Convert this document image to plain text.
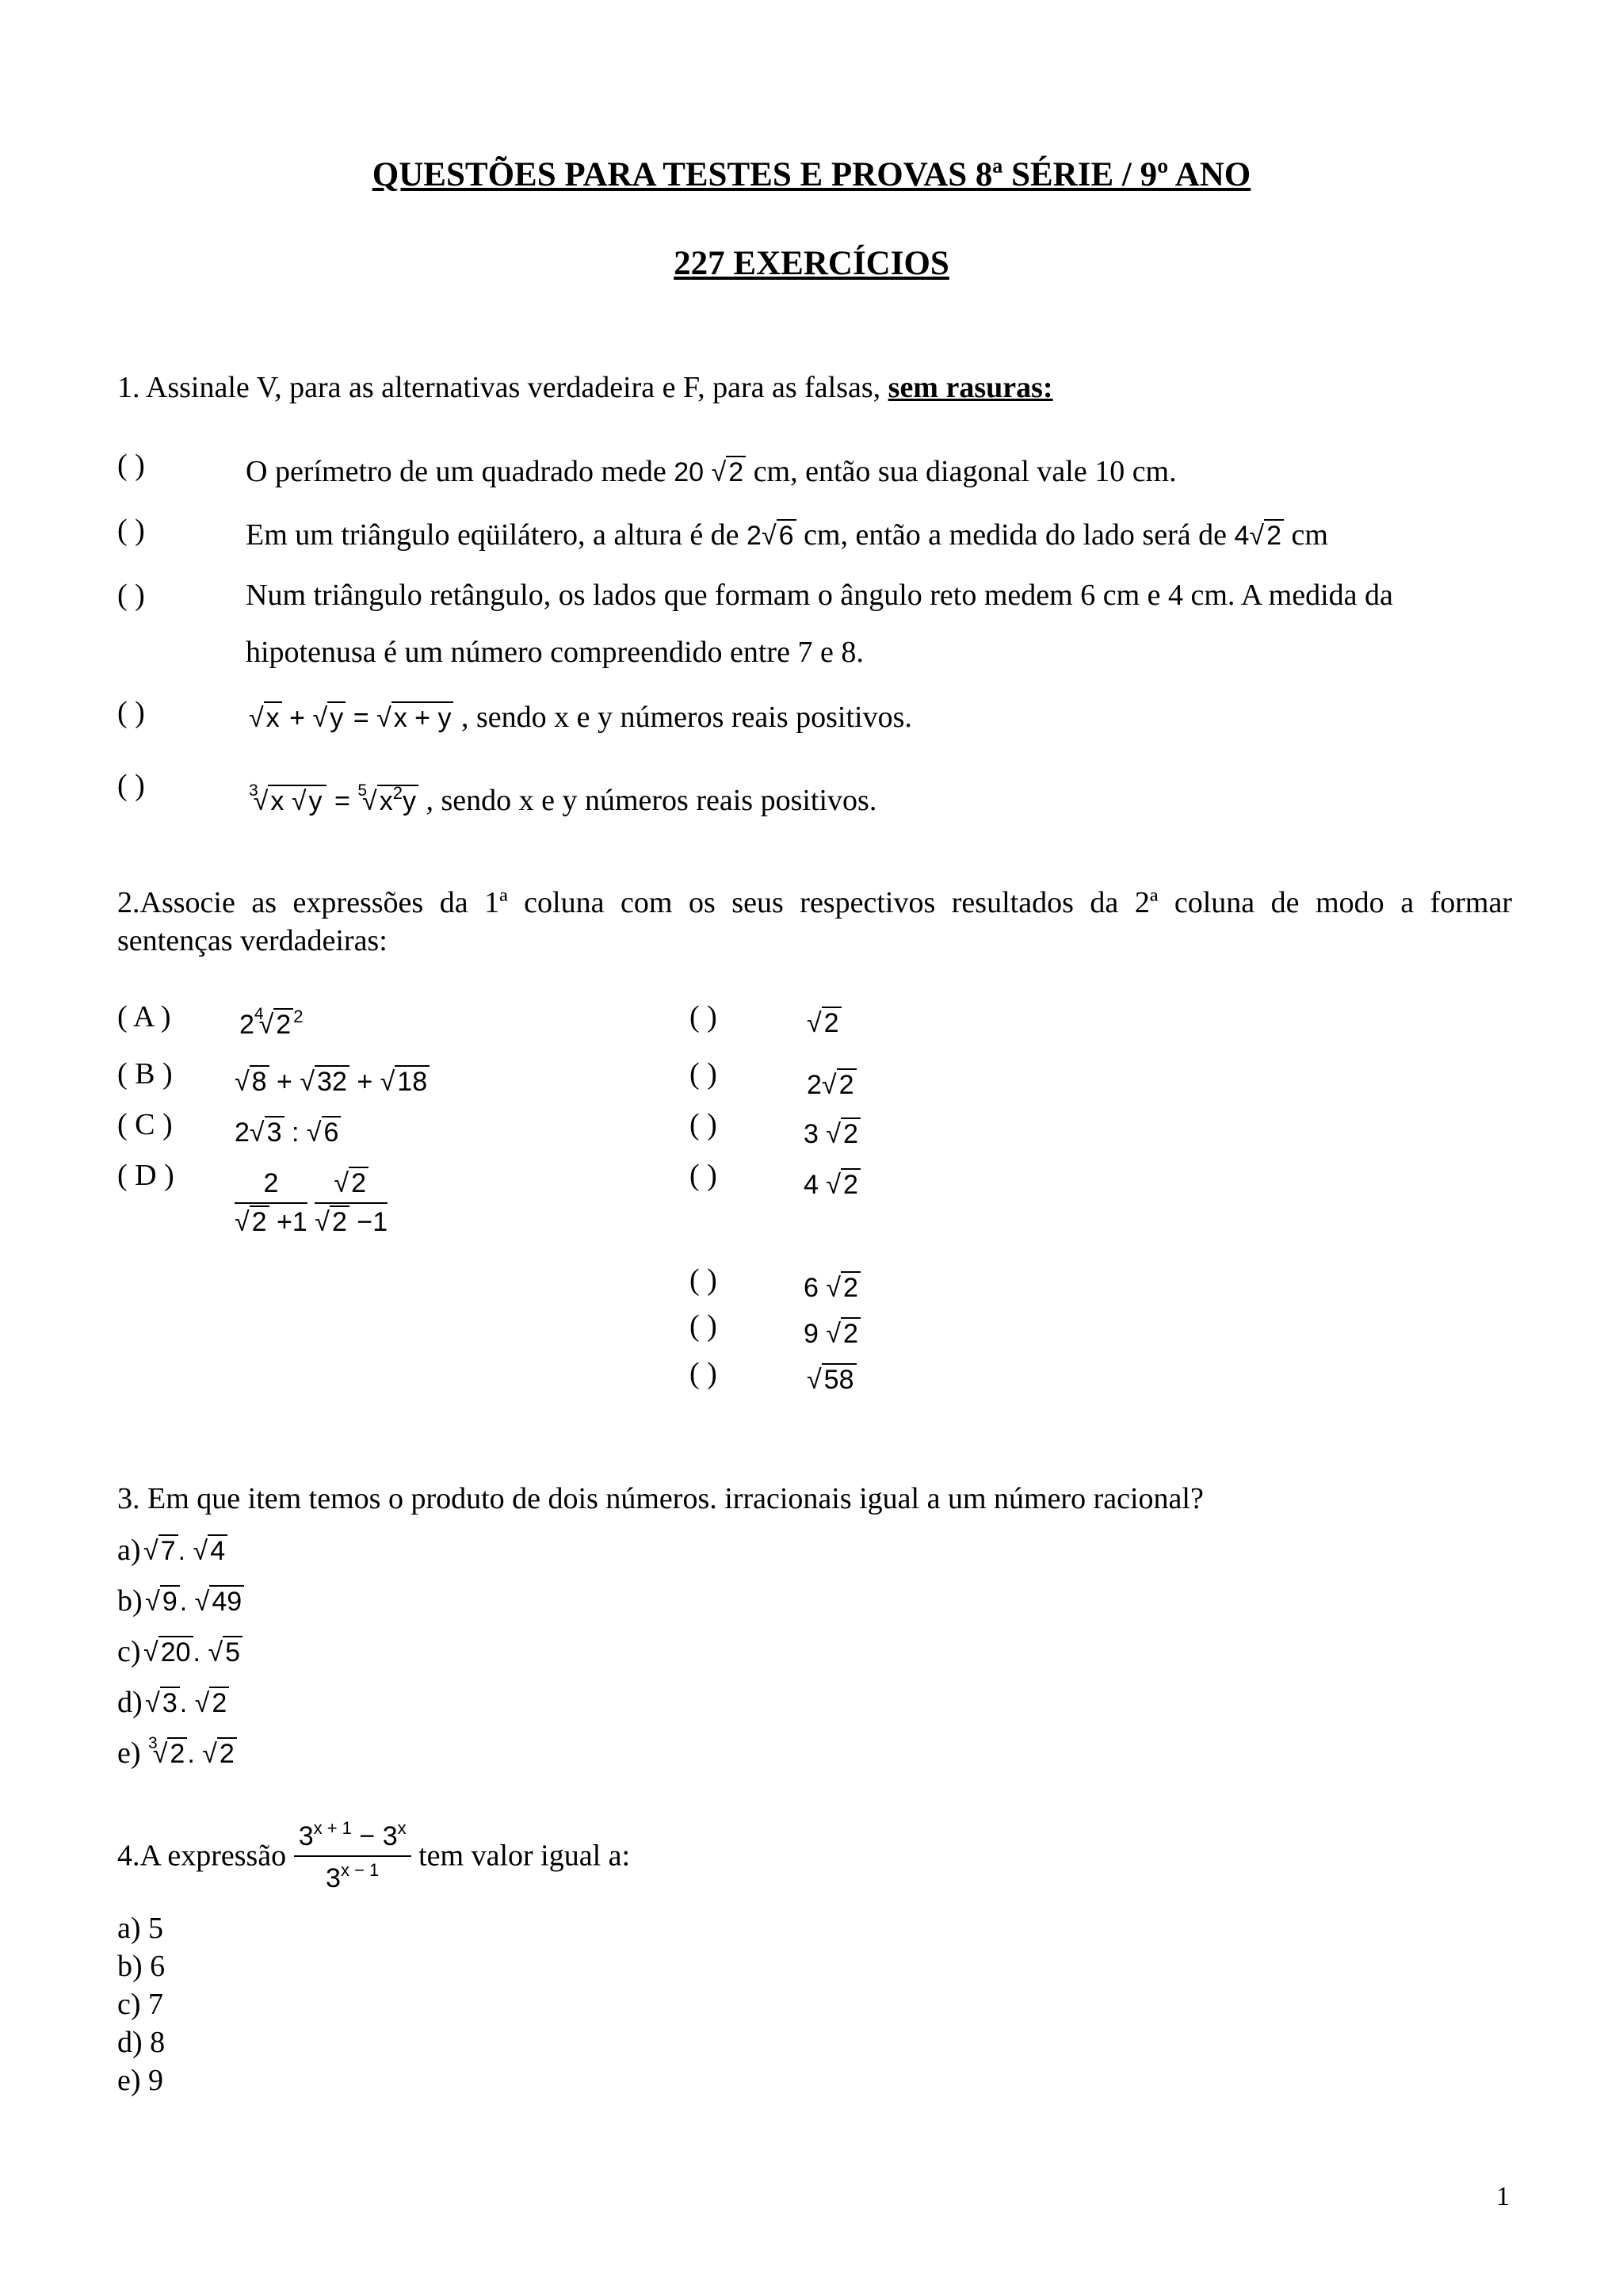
QUESTÕES PARA TESTES E PROVAS 8ª SÉRIE / 9º ANO
227 EXERCÍCIOS
1. Assinale V, para as alternativas verdadeira e F, para as falsas, sem rasuras:
( )	O perímetro de um quadrado mede 20 √ 2 cm, então sua diagonal vale 10 cm.
( )	Em um triângulo eqüilátero, a altura é de 2√ 6 cm, então a medida do lado será de 4√ 2 cm
( )	Num triângulo retângulo, os lados que formam o ângulo reto medem 6 cm e 4 cm. A medida da
hipotenusa é um número compreendido entre 7 e 8.
( )
√	x + √ y = √ x + y , sendo x e y números reais positivos.
( )	$^3$√ x √ y = $^5$√ $x^2y$ , sendo x e y números reais positivos.
2.Associe as expressões da 1ª coluna com os seus respectivos resultados da 2ª coluna de modo a formar
sentenças verdadeiras:
( A )	$2^4√$ 2 $^2$
( B )
√	8 + √ 32 + √ 18
( C ) 2√ 3 : √ 6
( D ) 2
√ 2 +1

√ 2
√ 2 −1
( )
√	2
( )	2√ 2
( )	3 √ 2
( )	4 √ 2
( )	6 √ 2
( )	9 √ 2
( )
√	58
3. Em que item temos o produto de dois números. irracionais igual a um número racional?
a) √ 7. √ 4
b) √ 9. √ 49
c) √ 20. √ 5
d) √ 3. √ 2
e) $^3$√ 2. √ 2
4.A expressão $\frac{3^{x + 1} - 3^x}{3^{x - 1}}$ tem valor igual a:
a) 5
b) 6
c) 7
d) 8
e) 9
1
